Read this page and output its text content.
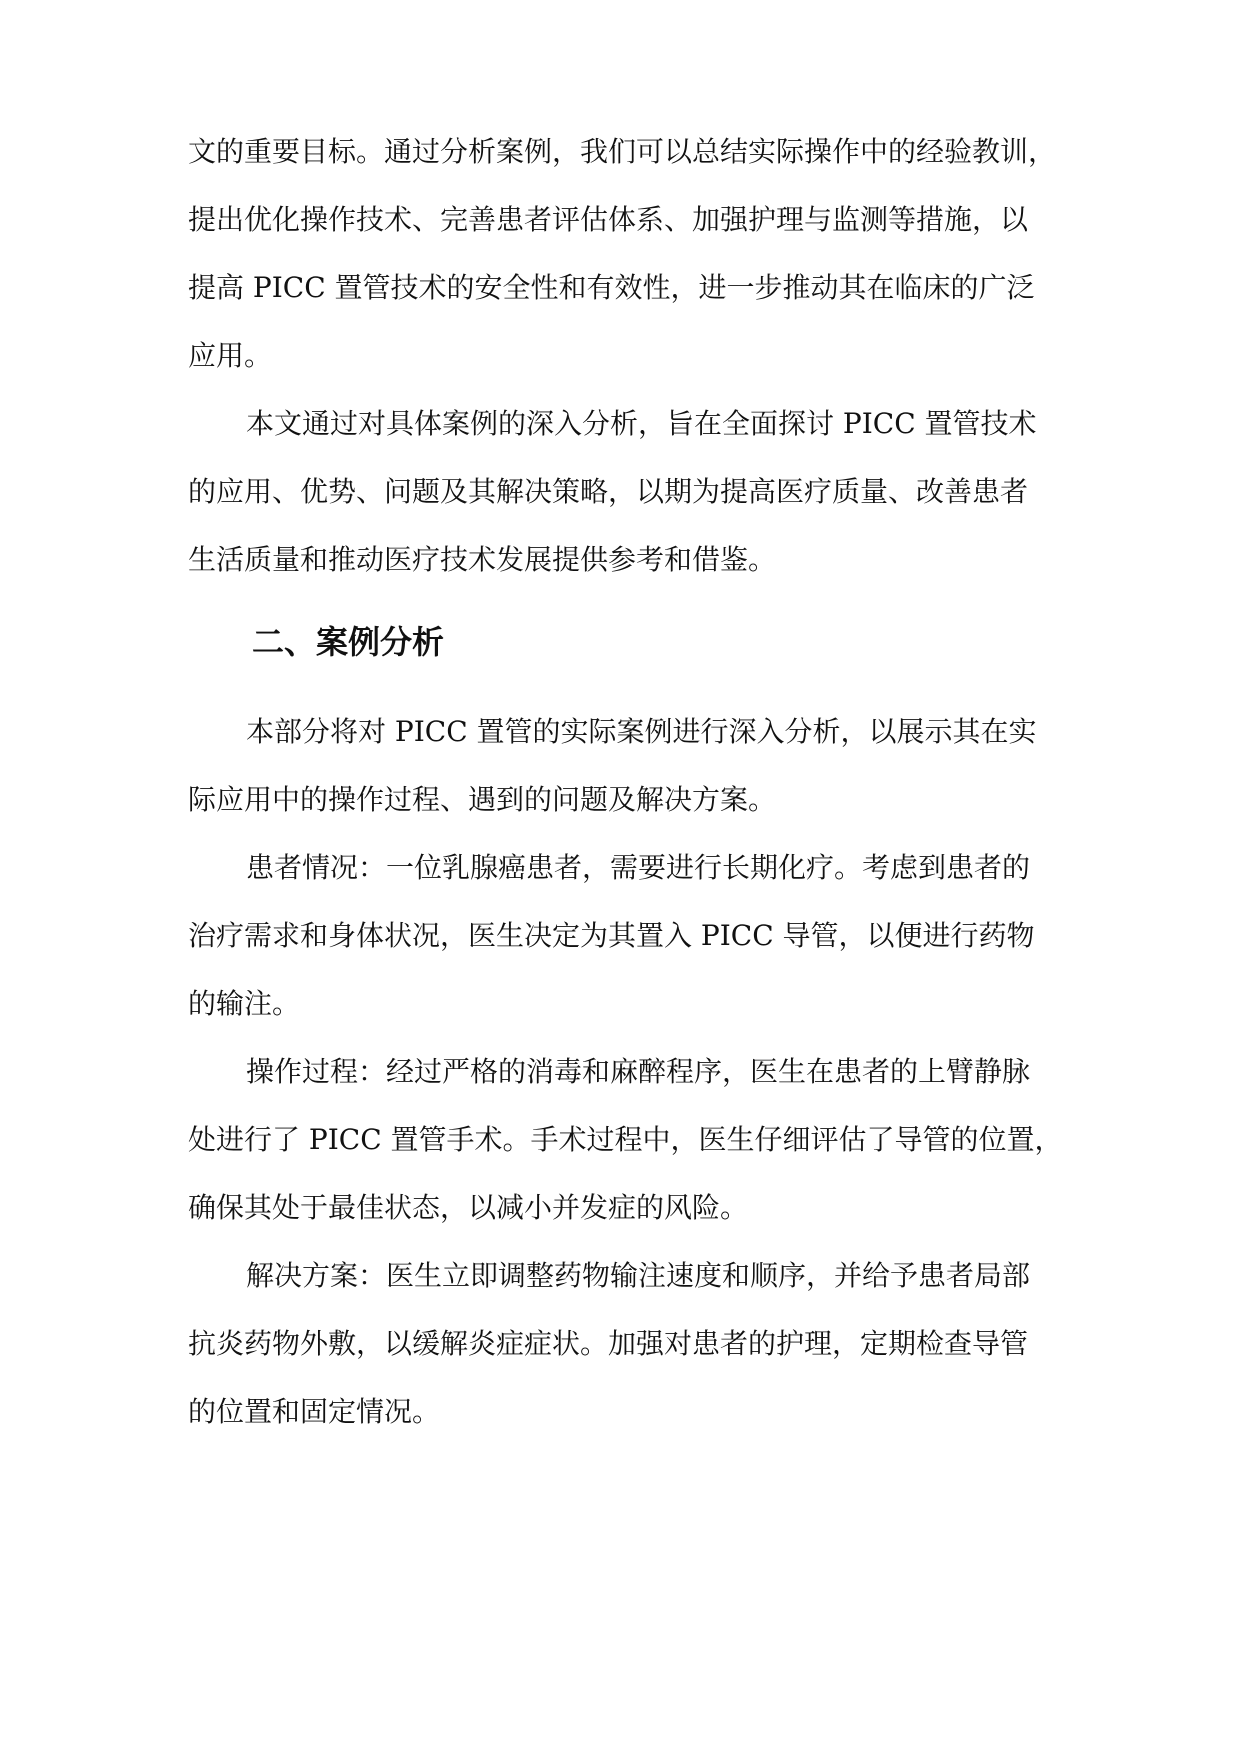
文的重要目标。通过分析案例，我们可以总结实际操作中的经验教训，
提出优化操作技术、完善患者评估体系、加强护理与监测等措施，以
提高 PICC 置管技术的安全性和有效性，进一步推动其在临床的广泛
应用。
本文通过对具体案例的深入分析，旨在全面探讨 PICC 置管技术
的应用、优势、问题及其解决策略，以期为提高医疗质量、改善患者
生活质量和推动医疗技术发展提供参考和借鉴。
二、案例分析
本部分将对 PICC 置管的实际案例进行深入分析，以展示其在实
际应用中的操作过程、遇到的问题及解决方案。
患者情况：一位乳腺癌患者，需要进行长期化疗。考虑到患者的
治疗需求和身体状况，医生决定为其置入 PICC 导管，以便进行药物
的输注。
操作过程：经过严格的消毒和麻醉程序，医生在患者的上臂静脉
处进行了 PICC 置管手术。手术过程中，医生仔细评估了导管的位置，
确保其处于最佳状态，以减小并发症的风险。
解决方案：医生立即调整药物输注速度和顺序，并给予患者局部
抗炎药物外敷，以缓解炎症症状。加强对患者的护理，定期检查导管
的位置和固定情况。
